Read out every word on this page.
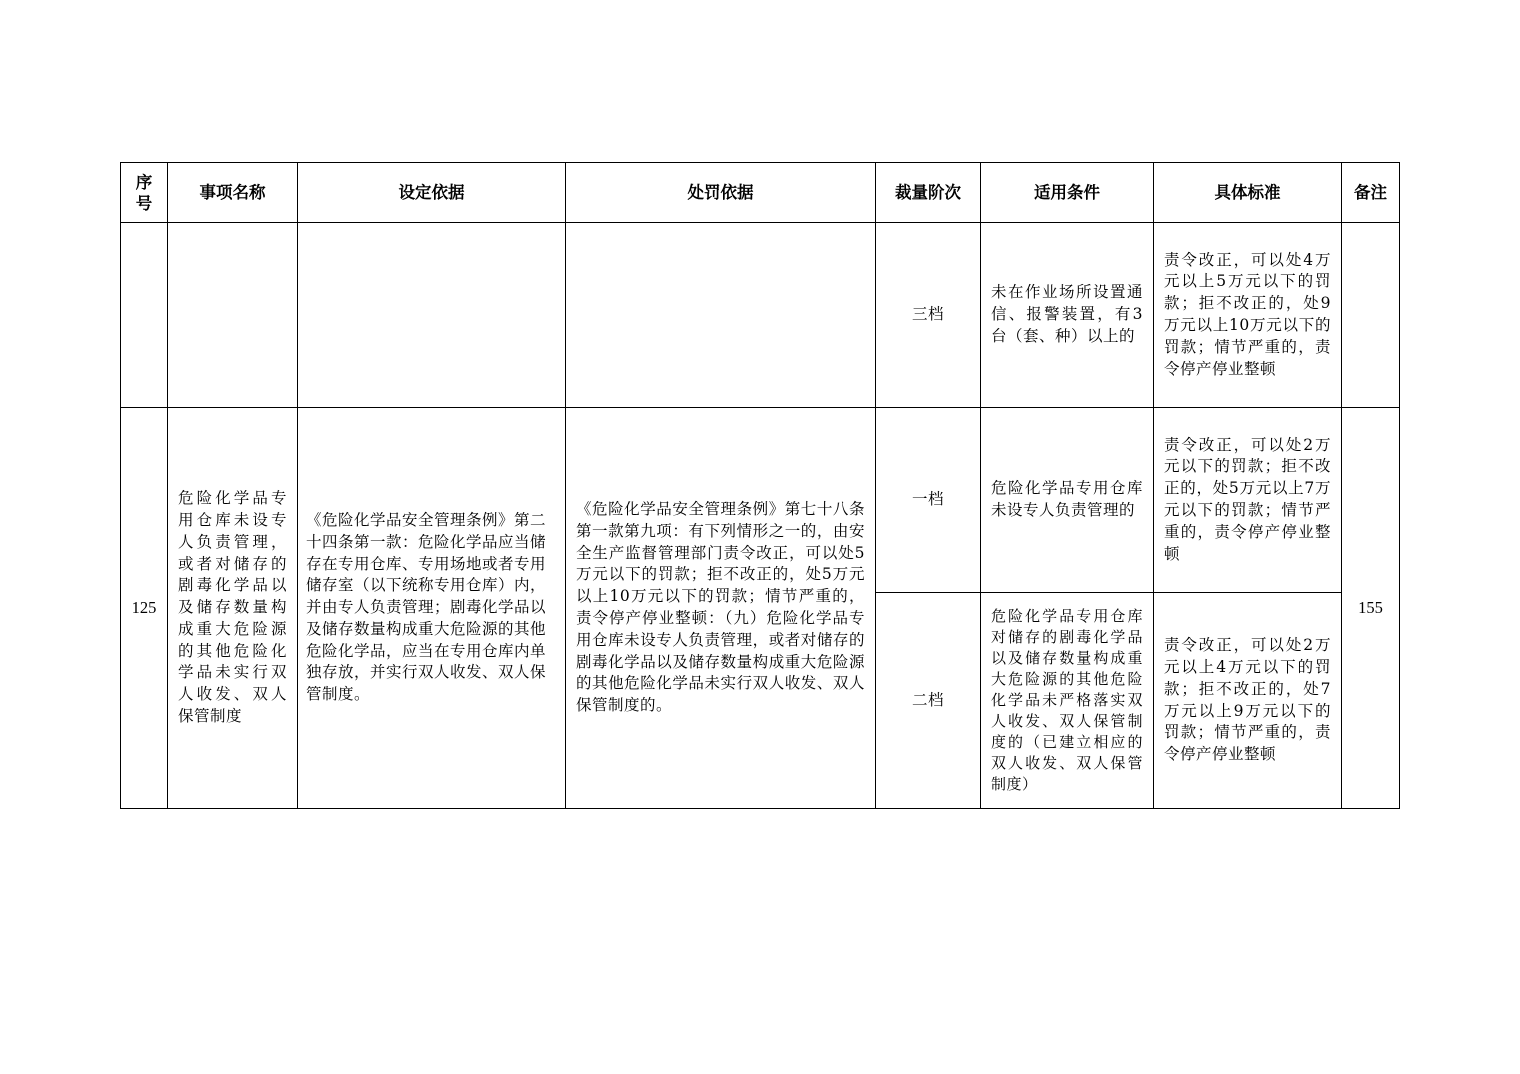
序号	事项名称	设定依据	处罚依据	裁量阶次	适用条件	具体标准	备注
				三档	未在作业场所设置通信、报警装置，有3台（套、种）以上的	责令改正，可以处4万元以上5万元以下的罚款；拒不改正的，处9万元以上10万元以下的罚款；情节严重的，责令停产停业整顿	
125	危险化学品专用仓库未设专人负责管理，或者对储存的剧毒化学品以及储存数量构成重大危险源的其他危险化学品未实行双人收发、双人保管制度	《危险化学品安全管理条例》第二十四条第一款：危险化学品应当储存在专用仓库、专用场地或者专用储存室（以下统称专用仓库）内，并由专人负责管理；剧毒化学品以及储存数量构成重大危险源的其他危险化学品，应当在专用仓库内单独存放，并实行双人收发、双人保管制度。	《危险化学品安全管理条例》第七十八条第一款第九项：有下列情形之一的，由安全生产监督管理部门责令改正，可以处5万元以下的罚款；拒不改正的，处5万元以上10万元以下的罚款；情节严重的，责令停产停业整顿：（九）危险化学品专用仓库未设专人负责管理，或者对储存的剧毒化学品以及储存数量构成重大危险源的其他危险化学品未实行双人收发、双人保管制度的。	一档	危险化学品专用仓库未设专人负责管理的	责令改正，可以处2万元以下的罚款；拒不改正的，处5万元以上7万元以下的罚款；情节严重的，责令停产停业整顿	155
				二档	危险化学品专用仓库对储存的剧毒化学品以及储存数量构成重大危险源的其他危险化学品未严格落实双人收发、双人保管制度的（已建立相应的双人收发、双人保管制度）	责令改正，可以处2万元以上4万元以下的罚款；拒不改正的，处7万元以上9万元以下的罚款；情节严重的，责令停产停业整顿	
